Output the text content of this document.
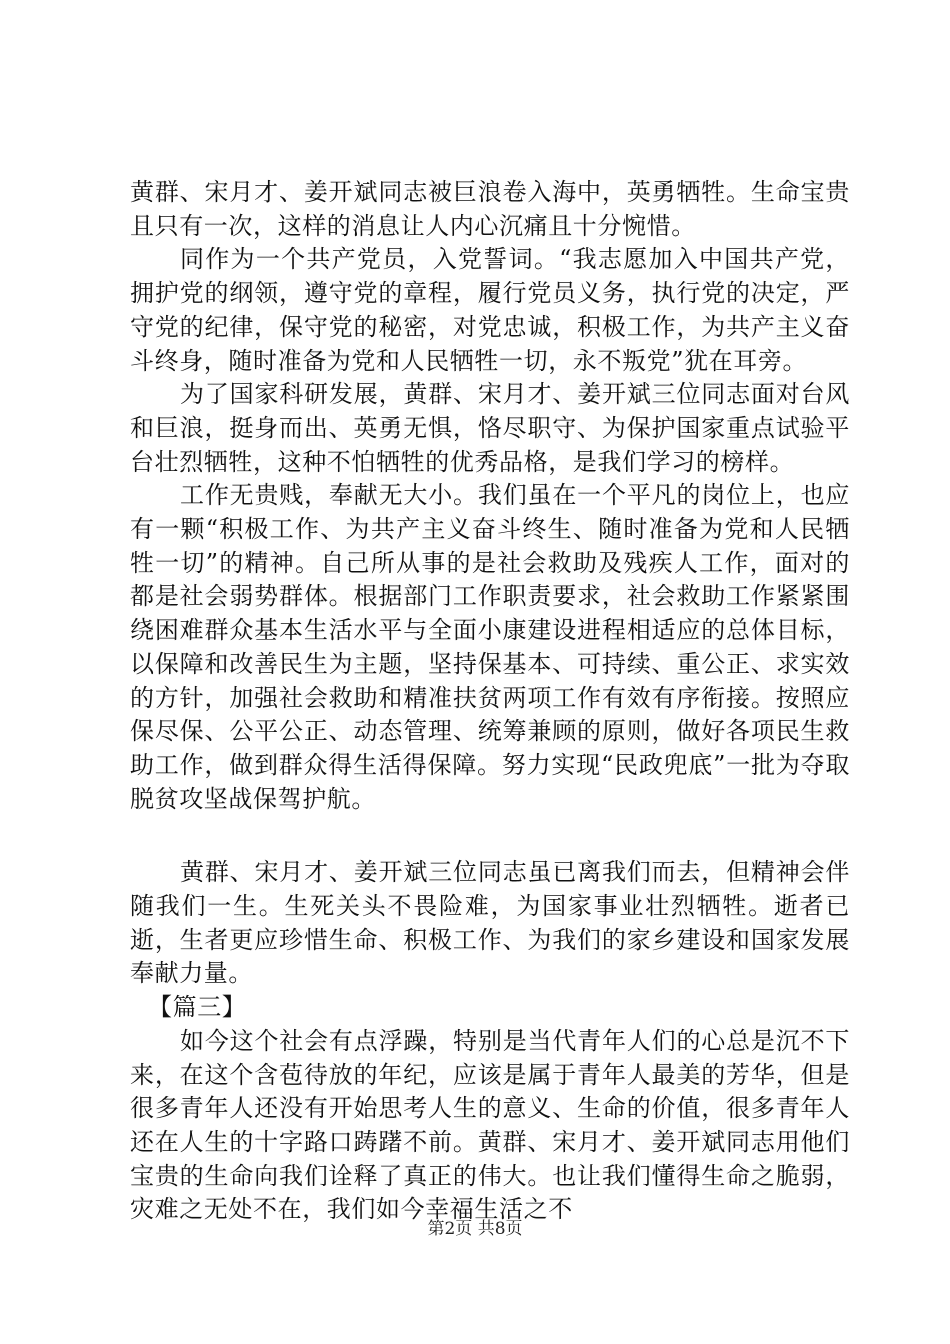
黄群、宋月才、姜开斌同志被巨浪卷入海中，英勇牺牲。生命宝贵且只有一次，这样的消息让人内心沉痛且十分惋惜。

同作为一个共产党员，入党誓词。“我志愿加入中国共产党，拥护党的纲领，遵守党的章程，履行党员义务，执行党的决定，严守党的纪律，保守党的秘密，对党忠诚，积极工作，为共产主义奋斗终身，随时准备为党和人民牺牲一切，永不叛党”犹在耳旁。

为了国家科研发展，黄群、宋月才、姜开斌三位同志面对台风和巨浪，挺身而出、英勇无惧，恪尽职守、为保护国家重点试验平台壮烈牺牲，这种不怕牺牲的优秀品格，是我们学习的榜样。

工作无贵贱，奉献无大小。我们虽在一个平凡的岗位上，也应有一颗“积极工作、为共产主义奋斗终生、随时准备为党和人民牺牲一切”的精神。自己所从事的是社会救助及残疾人工作，面对的都是社会弱势群体。根据部门工作职责要求，社会救助工作紧紧围绕困难群众基本生活水平与全面小康建设进程相适应的总体目标，以保障和改善民生为主题，坚持保基本、可持续、重公正、求实效的方针，加强社会救助和精准扶贫两项工作有效有序衔接。按照应保尽保、公平公正、动态管理、统筹兼顾的原则，做好各项民生救助工作，做到群众得生活得保障。努力实现“民政兜底”一批为夺取脱贫攻坚战保驾护航。

黄群、宋月才、姜开斌三位同志虽已离我们而去，但精神会伴随我们一生。生死关头不畏险难，为国家事业壮烈牺牲。逝者已逝，生者更应珍惜生命、积极工作、为我们的家乡建设和国家发展奉献力量。

【篇三】

如今这个社会有点浮躁，特别是当代青年人们的心总是沉不下来，在这个含苞待放的年纪，应该是属于青年人最美的芳华，但是很多青年人还没有开始思考人生的意义、生命的价值，很多青年人还在人生的十字路口踌躇不前。黄群、宋月才、姜开斌同志用他们宝贵的生命向我们诠释了真正的伟大。也让我们懂得生命之脆弱，灾难之无处不在，我们如今幸福生活之不

第2页 共8页
